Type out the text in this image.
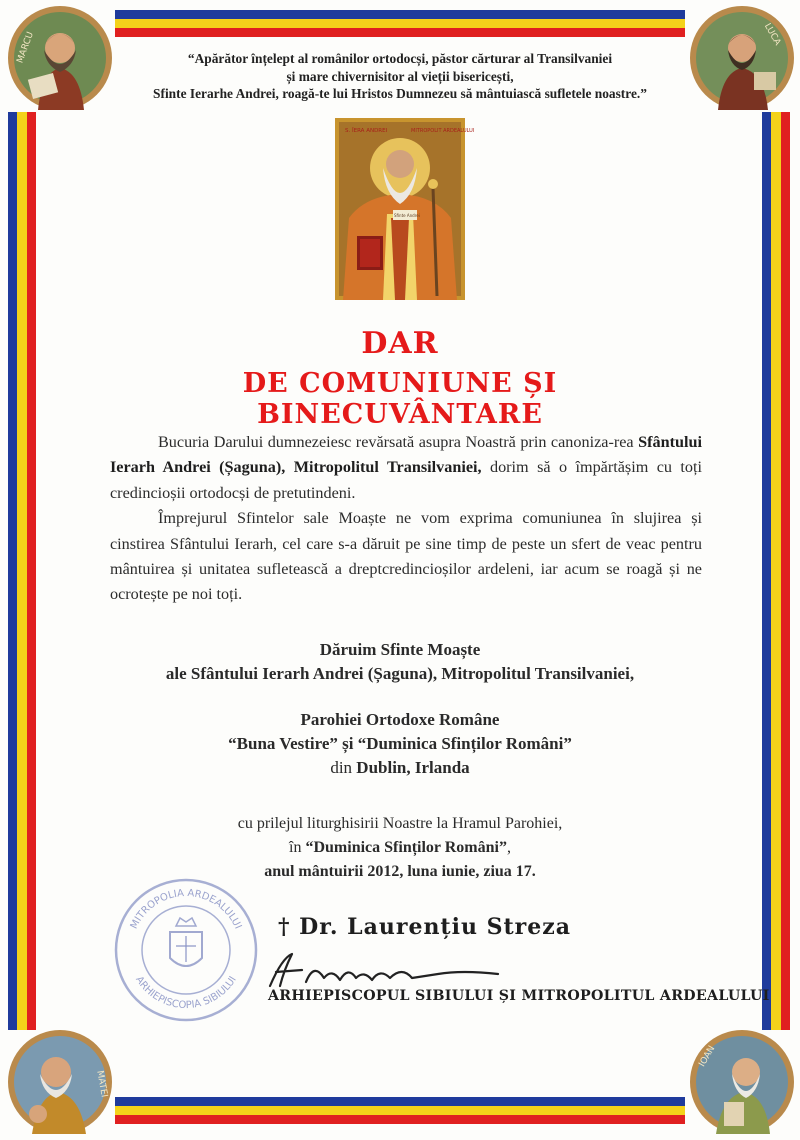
MARCU	LUCA
MATEI
IOAN
“Apărător înțelept al românilor ortodocși, păstor cărturar al Transilvaniei
și mare chivernisitor al vieții bisericești,
Sfinte Ierarhe Andrei, roagă-te lui Hristos Dumnezeu să mântuiască sufletele noastre.”
S. ÎERA ANDREI	MITROPOLIT ARDEALULUI
Sfinte Andrei
DAR
DE COMUNIUNE ȘI BINECUVÂNTARE

Bucuria Darului dumnezeiesc revărsată asupra Noastră prin canoniza-rea Sfântului Ierarh Andrei (Șaguna), Mitropolitul Transilvaniei, dorim să o împărtășim cu toți credincioșii ortodocși de pretutindeni.

Împrejurul Sfintelor sale Moaște ne vom exprima comuniunea în slujirea și cinstirea Sfântului Ierarh, cel care s-a dăruit pe sine timp de peste un sfert de veac pentru mântuirea și unitatea sufletească a dreptcredincioșilor ardeleni, iar acum se roagă și ne ocrotește pe noi toți.

Dăruim Sfinte Moaște
ale Sfântului Ierarh Andrei (Șaguna), Mitropolitul Transilvaniei,
Parohiei Ortodoxe Române
“Buna Vestire” și “Duminica Sfinților Români”
din Dublin, Irlanda
cu prilejul liturghisirii Noastre la Hramul Parohiei,
în “Duminica Sfinților Români”,
anul mântuirii 2012, luna iunie, ziua 17.
MITROPOLIA ARDEALULUI
ARHIEPISCOPIA SIBIULUI
† Dr. Laurențiu Streza
ARHIEPISCOPUL SIBIULUI ȘI MITROPOLITUL ARDEALULUI
